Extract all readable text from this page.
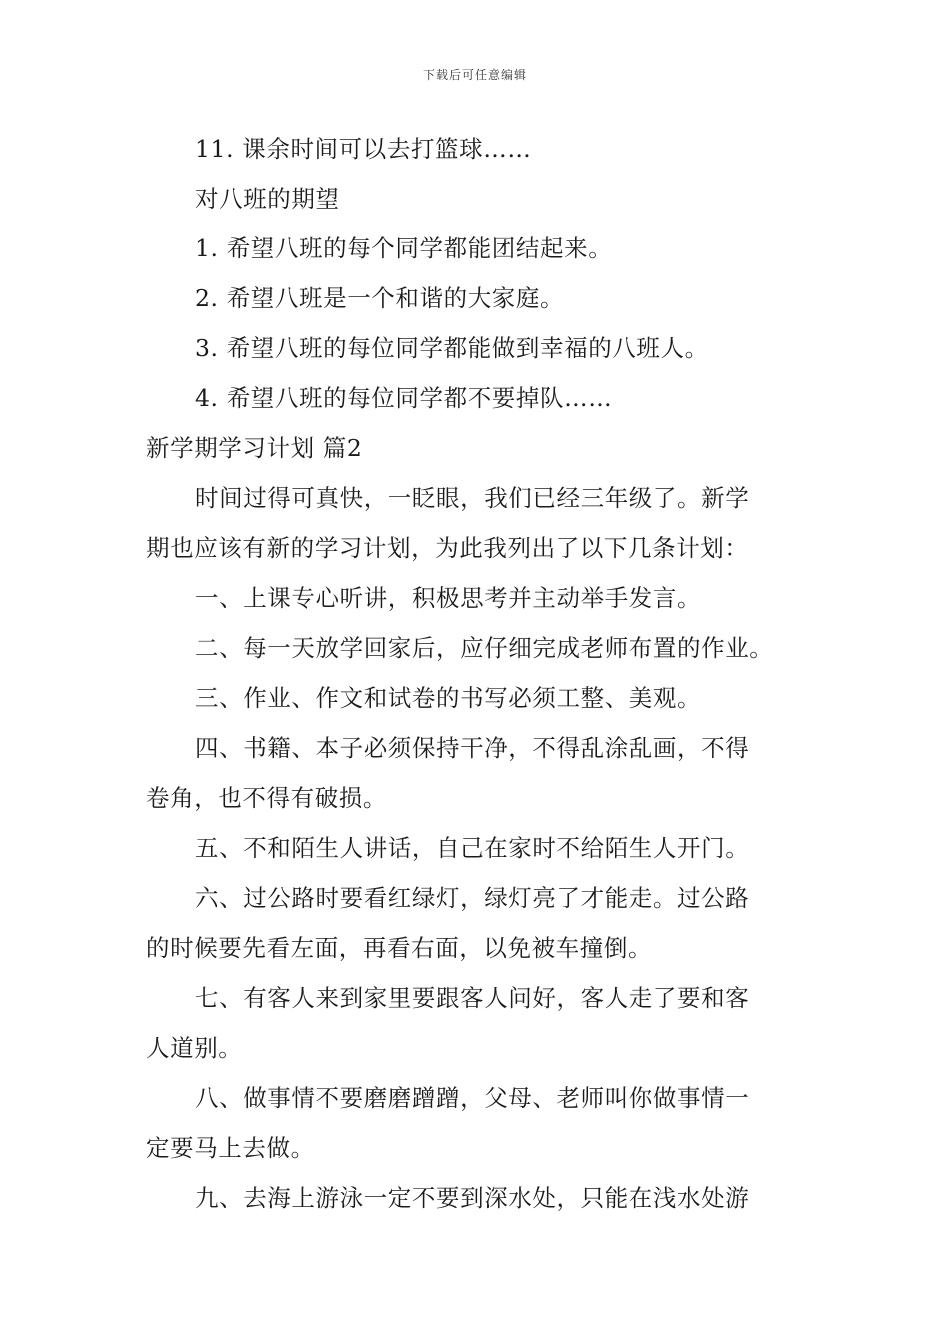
下载后可任意编辑
11. 课余时间可以去打篮球……
对八班的期望
1. 希望八班的每个同学都能团结起来。
2. 希望八班是一个和谐的大家庭。
3. 希望八班的每位同学都能做到幸福的八班人。
4. 希望八班的每位同学都不要掉队……
新学期学习计划 篇2
时间过得可真快，一眨眼，我们已经三年级了。新学
期也应该有新的学习计划，为此我列出了以下几条计划：
一、上课专心听讲，积极思考并主动举手发言。
二、每一天放学回家后，应仔细完成老师布置的作业。
三、作业、作文和试卷的书写必须工整、美观。
四、书籍、本子必须保持干净，不得乱涂乱画，不得
卷角，也不得有破损。
五、不和陌生人讲话，自己在家时不给陌生人开门。
六、过公路时要看红绿灯，绿灯亮了才能走。过公路
的时候要先看左面，再看右面，以免被车撞倒。
七、有客人来到家里要跟客人问好，客人走了要和客
人道别。
八、做事情不要磨磨蹭蹭，父母、老师叫你做事情一
定要马上去做。
九、去海上游泳一定不要到深水处，只能在浅水处游
